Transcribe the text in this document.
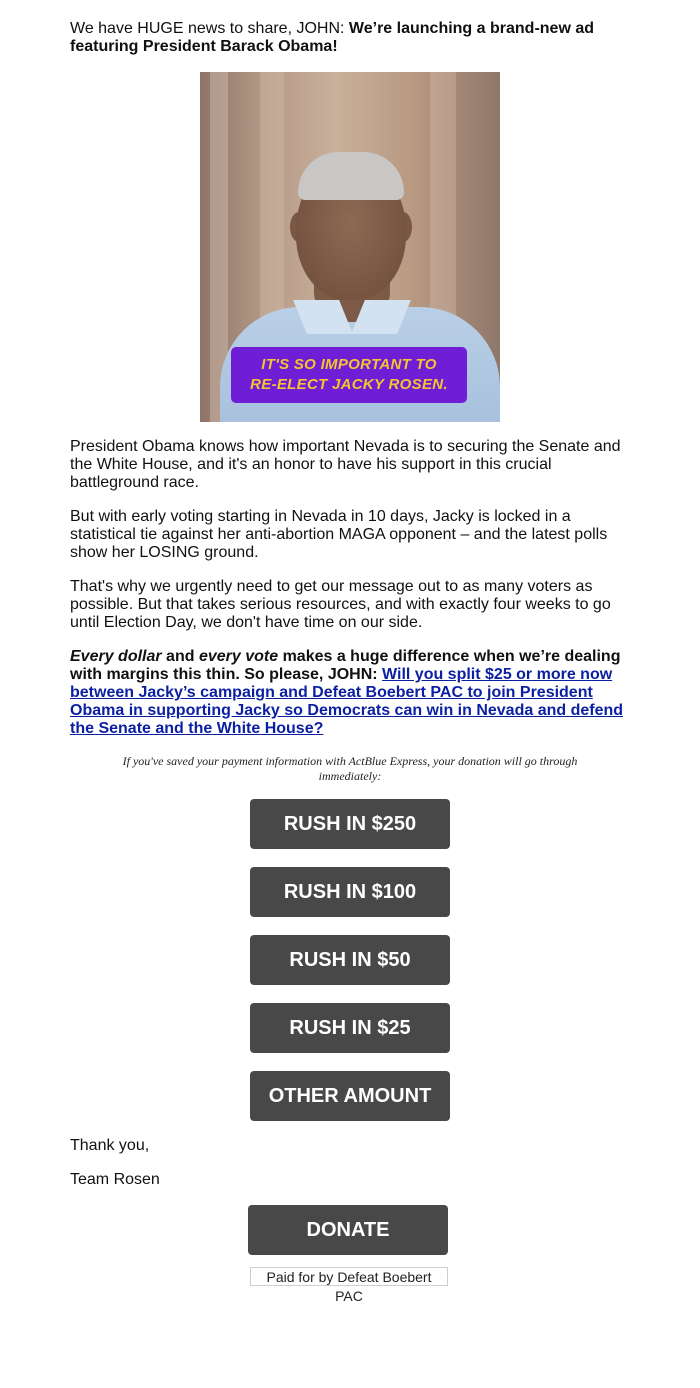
We have HUGE news to share, JOHN: We’re launching a brand-new ad featuring President Barack Obama!

IT'S SO IMPORTANT TO
RE-ELECT JACKY ROSEN.

President Obama knows how important Nevada is to securing the Senate and the White House, and it's an honor to have his support in this crucial battleground race.

But with early voting starting in Nevada in 10 days, Jacky is locked in a statistical tie against her anti-abortion MAGA opponent – and the latest polls show her LOSING ground.

That's why we urgently need to get our message out to as many voters as possible. But that takes serious resources, and with exactly four weeks to go until Election Day, we don't have time on our side.

Every dollar and every vote makes a huge difference when we’re dealing with margins this thin. So please, JOHN: Will you split $25 or more now between Jacky’s campaign and Defeat Boebert PAC to join President Obama in supporting Jacky so Democrats can win in Nevada and defend the Senate and the White House?

If you've saved your payment information with ActBlue Express, your donation will go through immediately:
RUSH IN $250
RUSH IN $100
RUSH IN $50
RUSH IN $25
OTHER AMOUNT

Thank you,

Team Rosen

DONATE
Paid for by Defeat Boebert PAC
